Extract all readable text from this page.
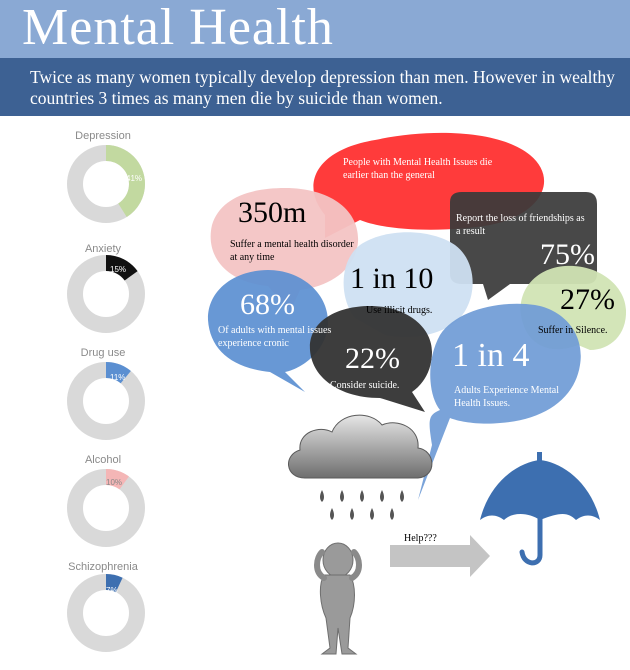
Mental Health
Twice as many women typically develop depression than men. However in wealthy countries 3 times as many men die by suicide than women.
Depression
Anxiety
Drug use
Alcohol
Schizophrenia
41%
15%
11%
10%
7%
People with Mental Health Issues die earlier than the general
Report the loss of friendships as a result
75%
350m
Suffer a mental health disorder at any time
1 in 10
Use illicit drugs.	27%
Suffer in Silence.
68%
Of adults with mental issues experience cronic	22%
Consider suicide.
1 in 4
Adults Experience Mental Health Issues.
Help???
